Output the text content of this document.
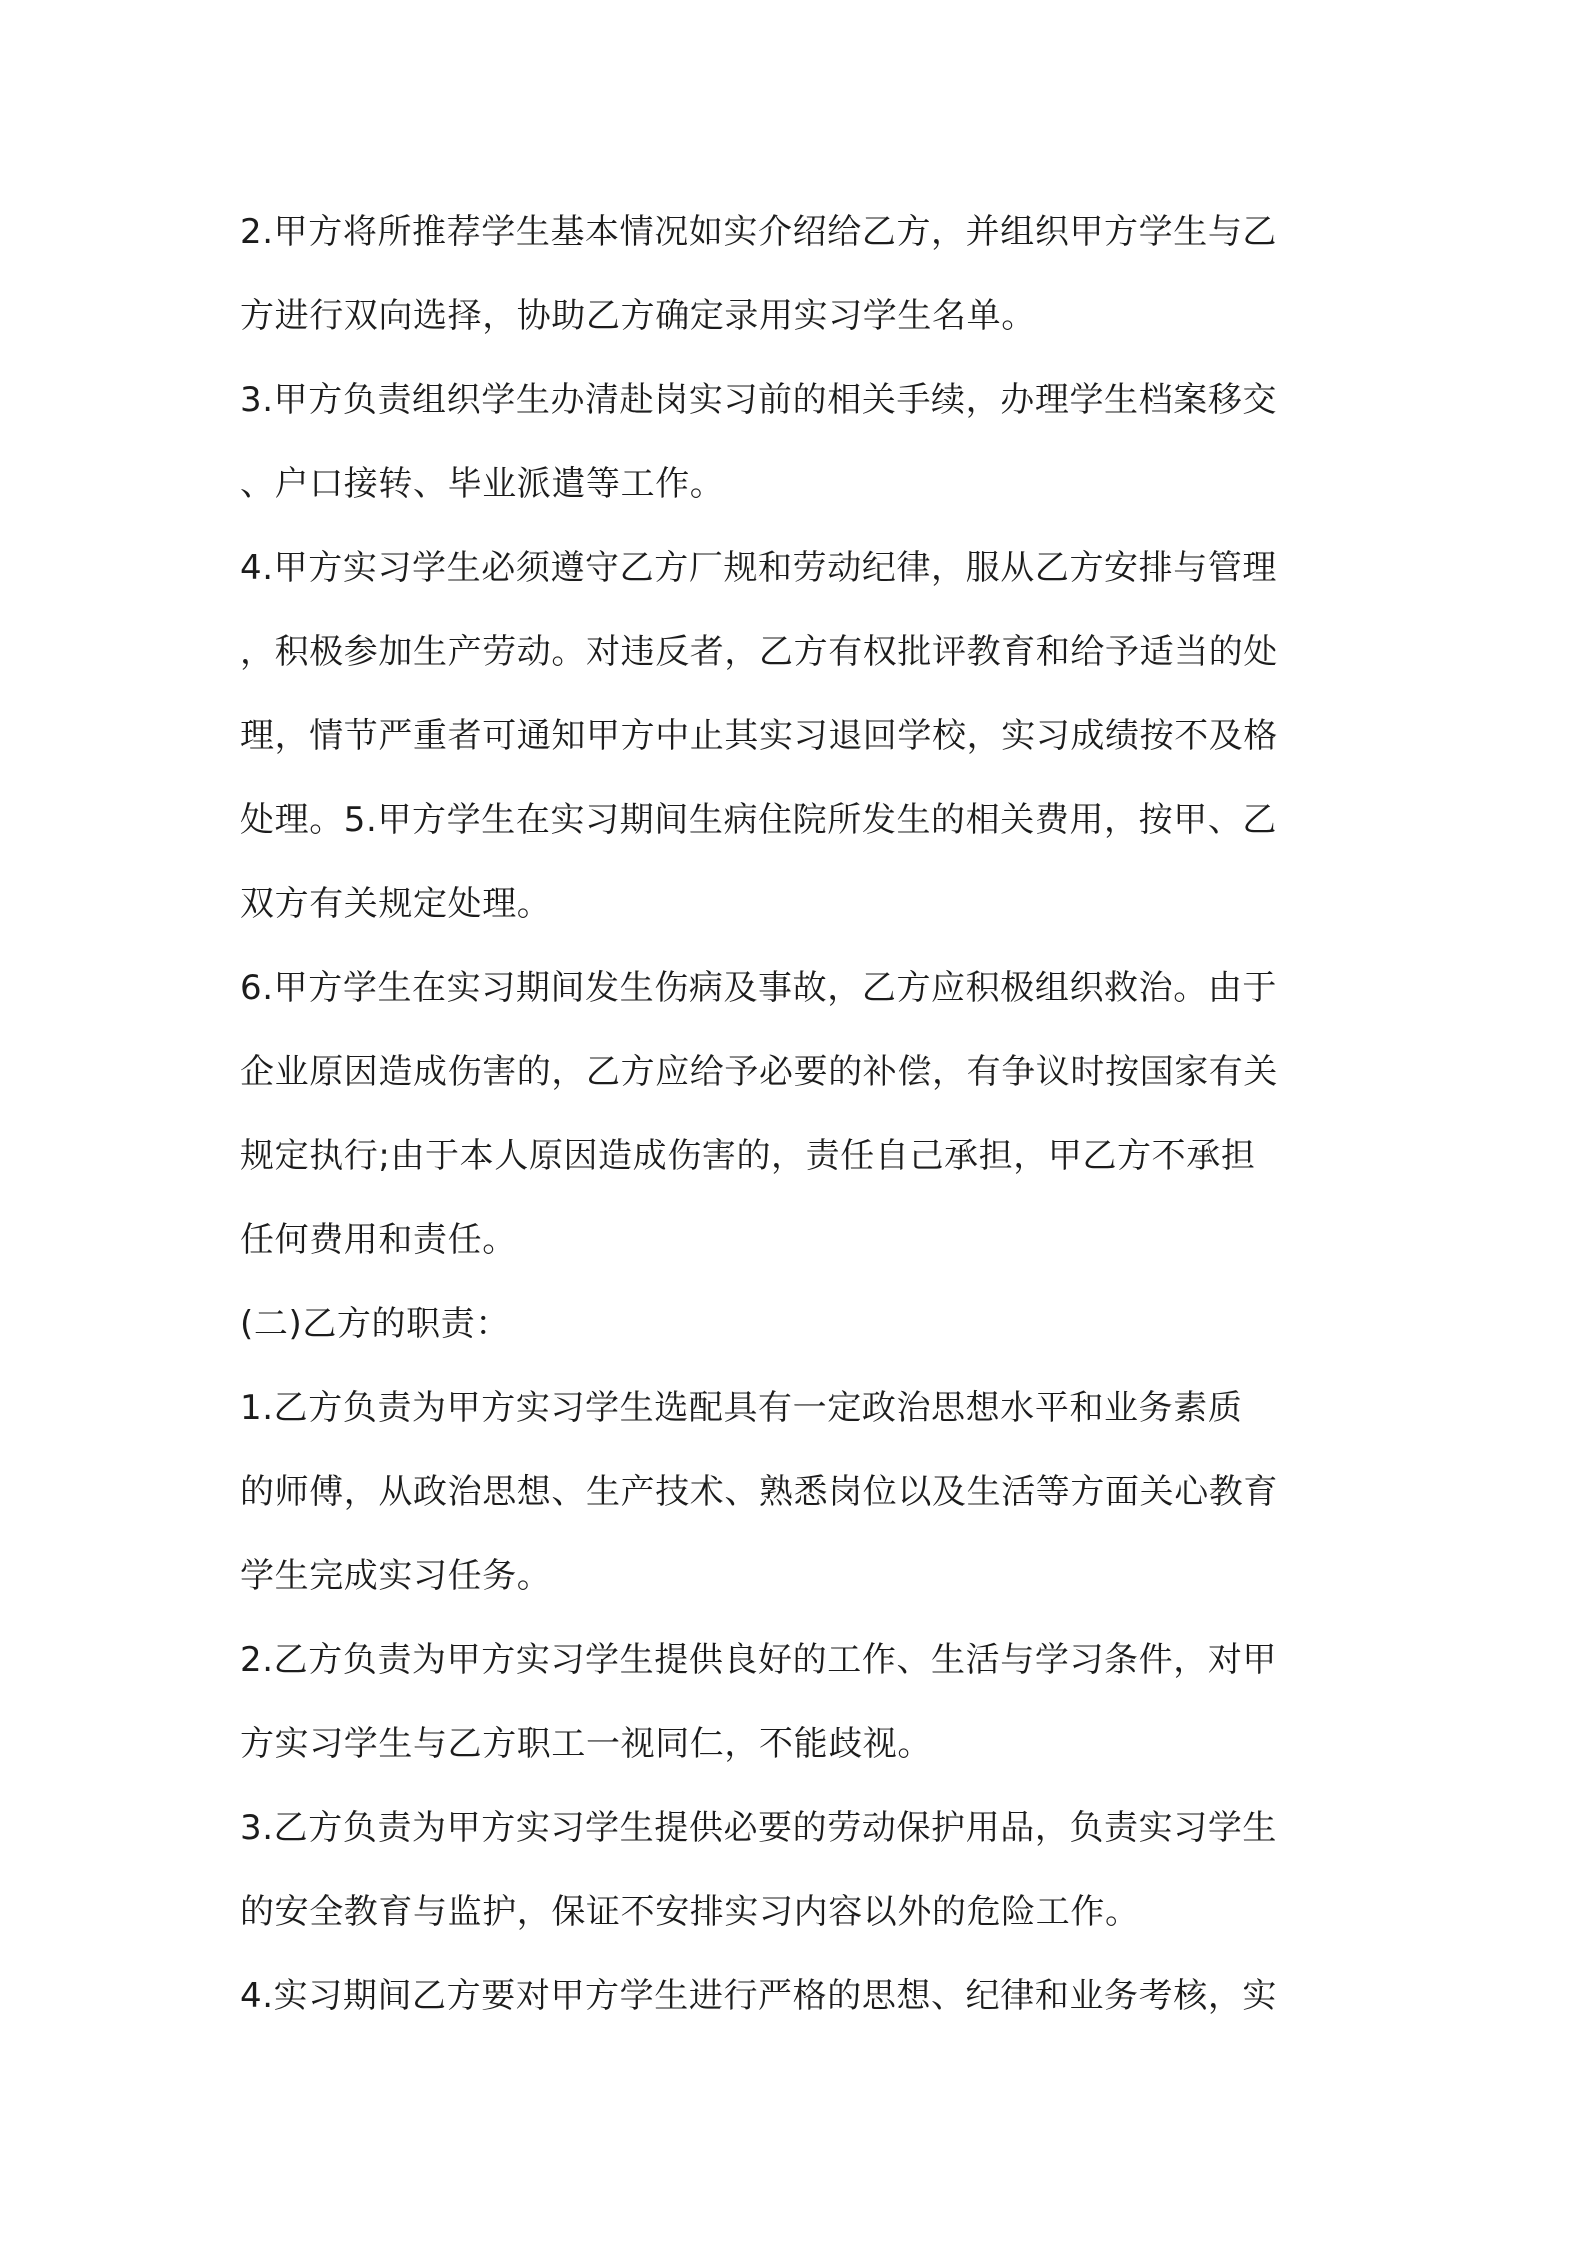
2.甲方将所推荐学生基本情况如实介绍给乙方，并组织甲方学生与乙
方进行双向选择，协助乙方确定录用实习学生名单。
3.甲方负责组织学生办清赴岗实习前的相关手续，办理学生档案移交
、户口接转、毕业派遣等工作。
4.甲方实习学生必须遵守乙方厂规和劳动纪律，服从乙方安排与管理
，积极参加生产劳动。对违反者，乙方有权批评教育和给予适当的处
理，情节严重者可通知甲方中止其实习退回学校，实习成绩按不及格
处理。5.甲方学生在实习期间生病住院所发生的相关费用，按甲、乙
双方有关规定处理。
6.甲方学生在实习期间发生伤病及事故，乙方应积极组织救治。由于
企业原因造成伤害的，乙方应给予必要的补偿，有争议时按国家有关
规定执行;由于本人原因造成伤害的，责任自己承担，甲乙方不承担
任何费用和责任。
(二)乙方的职责：
1.乙方负责为甲方实习学生选配具有一定政治思想水平和业务素质
的师傅，从政治思想、生产技术、熟悉岗位以及生活等方面关心教育
学生完成实习任务。
2.乙方负责为甲方实习学生提供良好的工作、生活与学习条件，对甲
方实习学生与乙方职工一视同仁，不能歧视。
3.乙方负责为甲方实习学生提供必要的劳动保护用品，负责实习学生
的安全教育与监护，保证不安排实习内容以外的危险工作。
4.实习期间乙方要对甲方学生进行严格的思想、纪律和业务考核，实
